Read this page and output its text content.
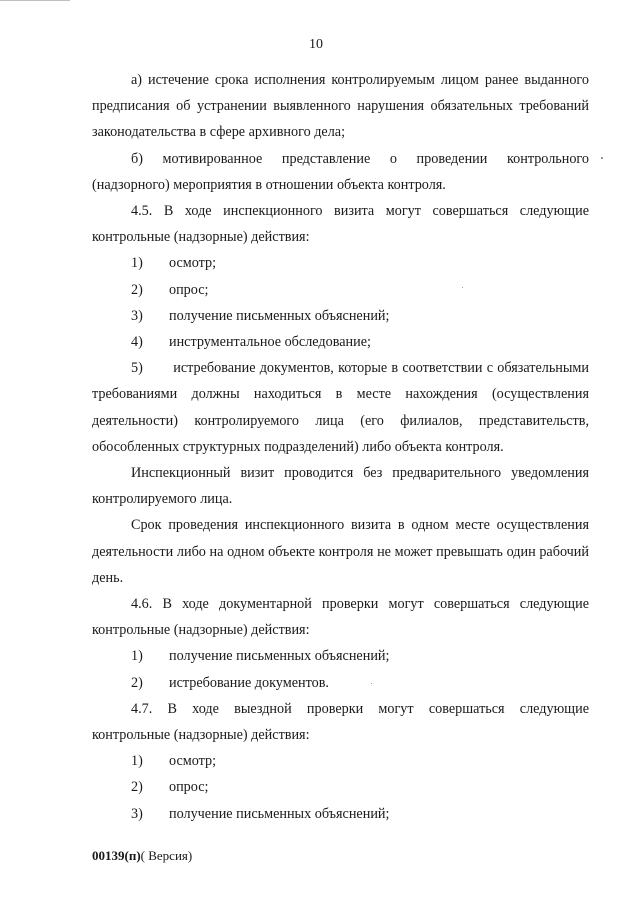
10

а) истечение срока исполнения контролируемым лицом ранее выданного предписания об устранении выявленного нарушения обязательных требований законодательства в сфере архивного дела;

б) мотивированное представление о проведении контрольного (надзорного) мероприятия в отношении объекта контроля.

4.5. В ходе инспекционного визита могут совершаться следующие контрольные (надзорные) действия:

1) осмотр;

2) опрос;

3) получение письменных объяснений;

4) инструментальное обследование;

5) истребование документов, которые в соответствии с обязательными требованиями должны находиться в месте нахождения (осуществления деятельности) контролируемого лица (его филиалов, представительств, обособленных структурных подразделений) либо объекта контроля.

Инспекционный визит проводится без предварительного уведомления контролируемого лица.

Срок проведения инспекционного визита в одном месте осуществления деятельности либо на одном объекте контроля не может превышать один рабочий день.

4.6. В ходе документарной проверки могут совершаться следующие контрольные (надзорные) действия:

1) получение письменных объяснений;

2) истребование документов.

4.7. В ходе выездной проверки могут совершаться следующие контрольные (надзорные) действия:

1) осмотр;

2) опрос;

3) получение письменных объяснений;

00139(п)( Версия)
